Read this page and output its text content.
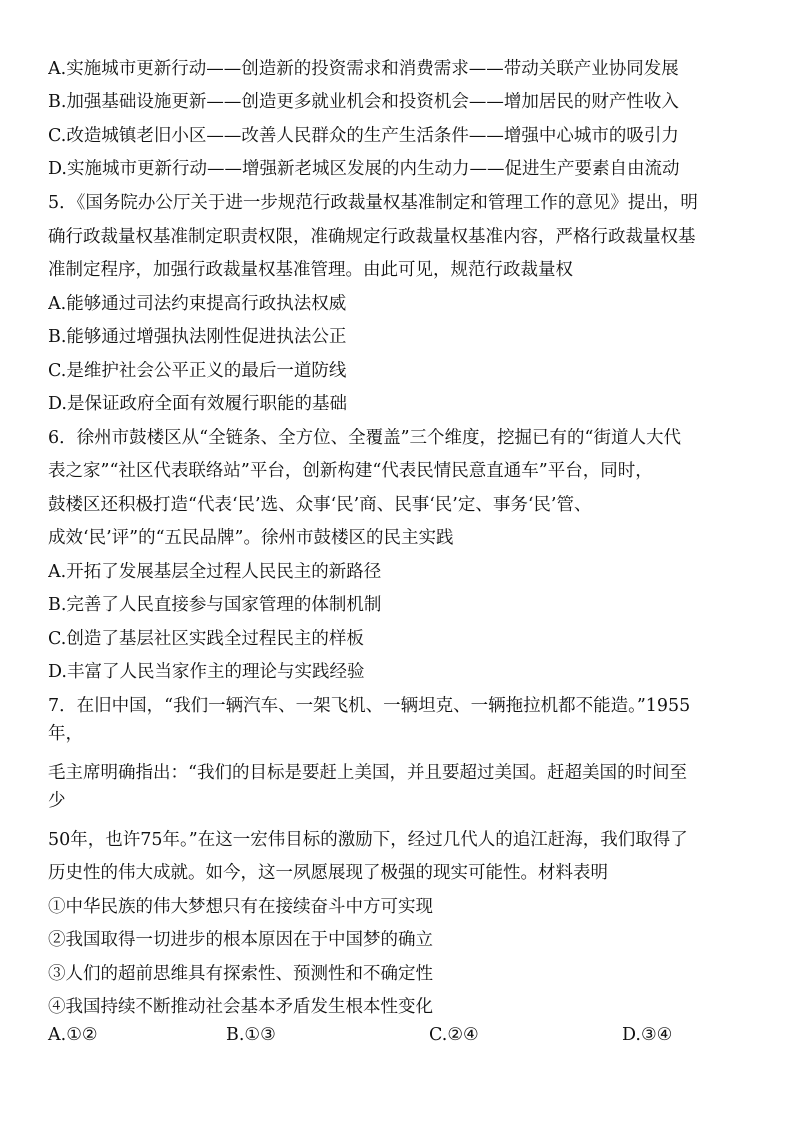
A.实施城市更新行动——创造新的投资需求和消费需求——带动关联产业协同发展
B.加强基础设施更新——创造更多就业机会和投资机会——增加居民的财产性收入
C.改造城镇老旧小区——改善人民群众的生产生活条件——增强中心城市的吸引力
D.实施城市更新行动——增强新老城区发展的内生动力——促进生产要素自由流动
5．《国务院办公厅关于进一步规范行政裁量权基准制定和管理工作的意见》提出，明
确行政裁量权基准制定职责权限，准确规定行政裁量权基准内容，严格行政裁量权基
准制定程序，加强行政裁量权基准管理。由此可见，规范行政裁量权
A.能够通过司法约束提高行政执法权威
B.能够通过增强执法刚性促进执法公正
C.是维护社会公平正义的最后一道防线
D.是保证政府全面有效履行职能的基础
6．徐州市鼓楼区从“全链条、全方位、全覆盖”三个维度，挖掘已有的“街道人大代
表之家”“社区代表联络站”平台，创新构建“代表民情民意直通车”平台，同时，
鼓楼区还积极打造“代表‘民’选、众事‘民’商、民事‘民’定、事务‘民’管、
成效‘民’评”的“五民品牌”。徐州市鼓楼区的民主实践
A.开拓了发展基层全过程人民民主的新路径
B.完善了人民直接参与国家管理的体制机制
C.创造了基层社区实践全过程民主的样板
D.丰富了人民当家作主的理论与实践经验
7．在旧中国，“我们一辆汽车、一架飞机、一辆坦克、一辆拖拉机都不能造。”1955
年，
毛主席明确指出：“我们的目标是要赶上美国，并且要超过美国。赶超美国的时间至
少
50年，也许75年。”在这一宏伟目标的激励下，经过几代人的追江赶海，我们取得了
历史性的伟大成就。如今，这一夙愿展现了极强的现实可能性。材料表明
①中华民族的伟大梦想只有在接续奋斗中方可实现
②我国取得一切进步的根本原因在于中国梦的确立
③人们的超前思维具有探索性、预测性和不确定性
④我国持续不断推动社会基本矛盾发生根本性变化
A.①②	B.①③	C.②④	D.③④
